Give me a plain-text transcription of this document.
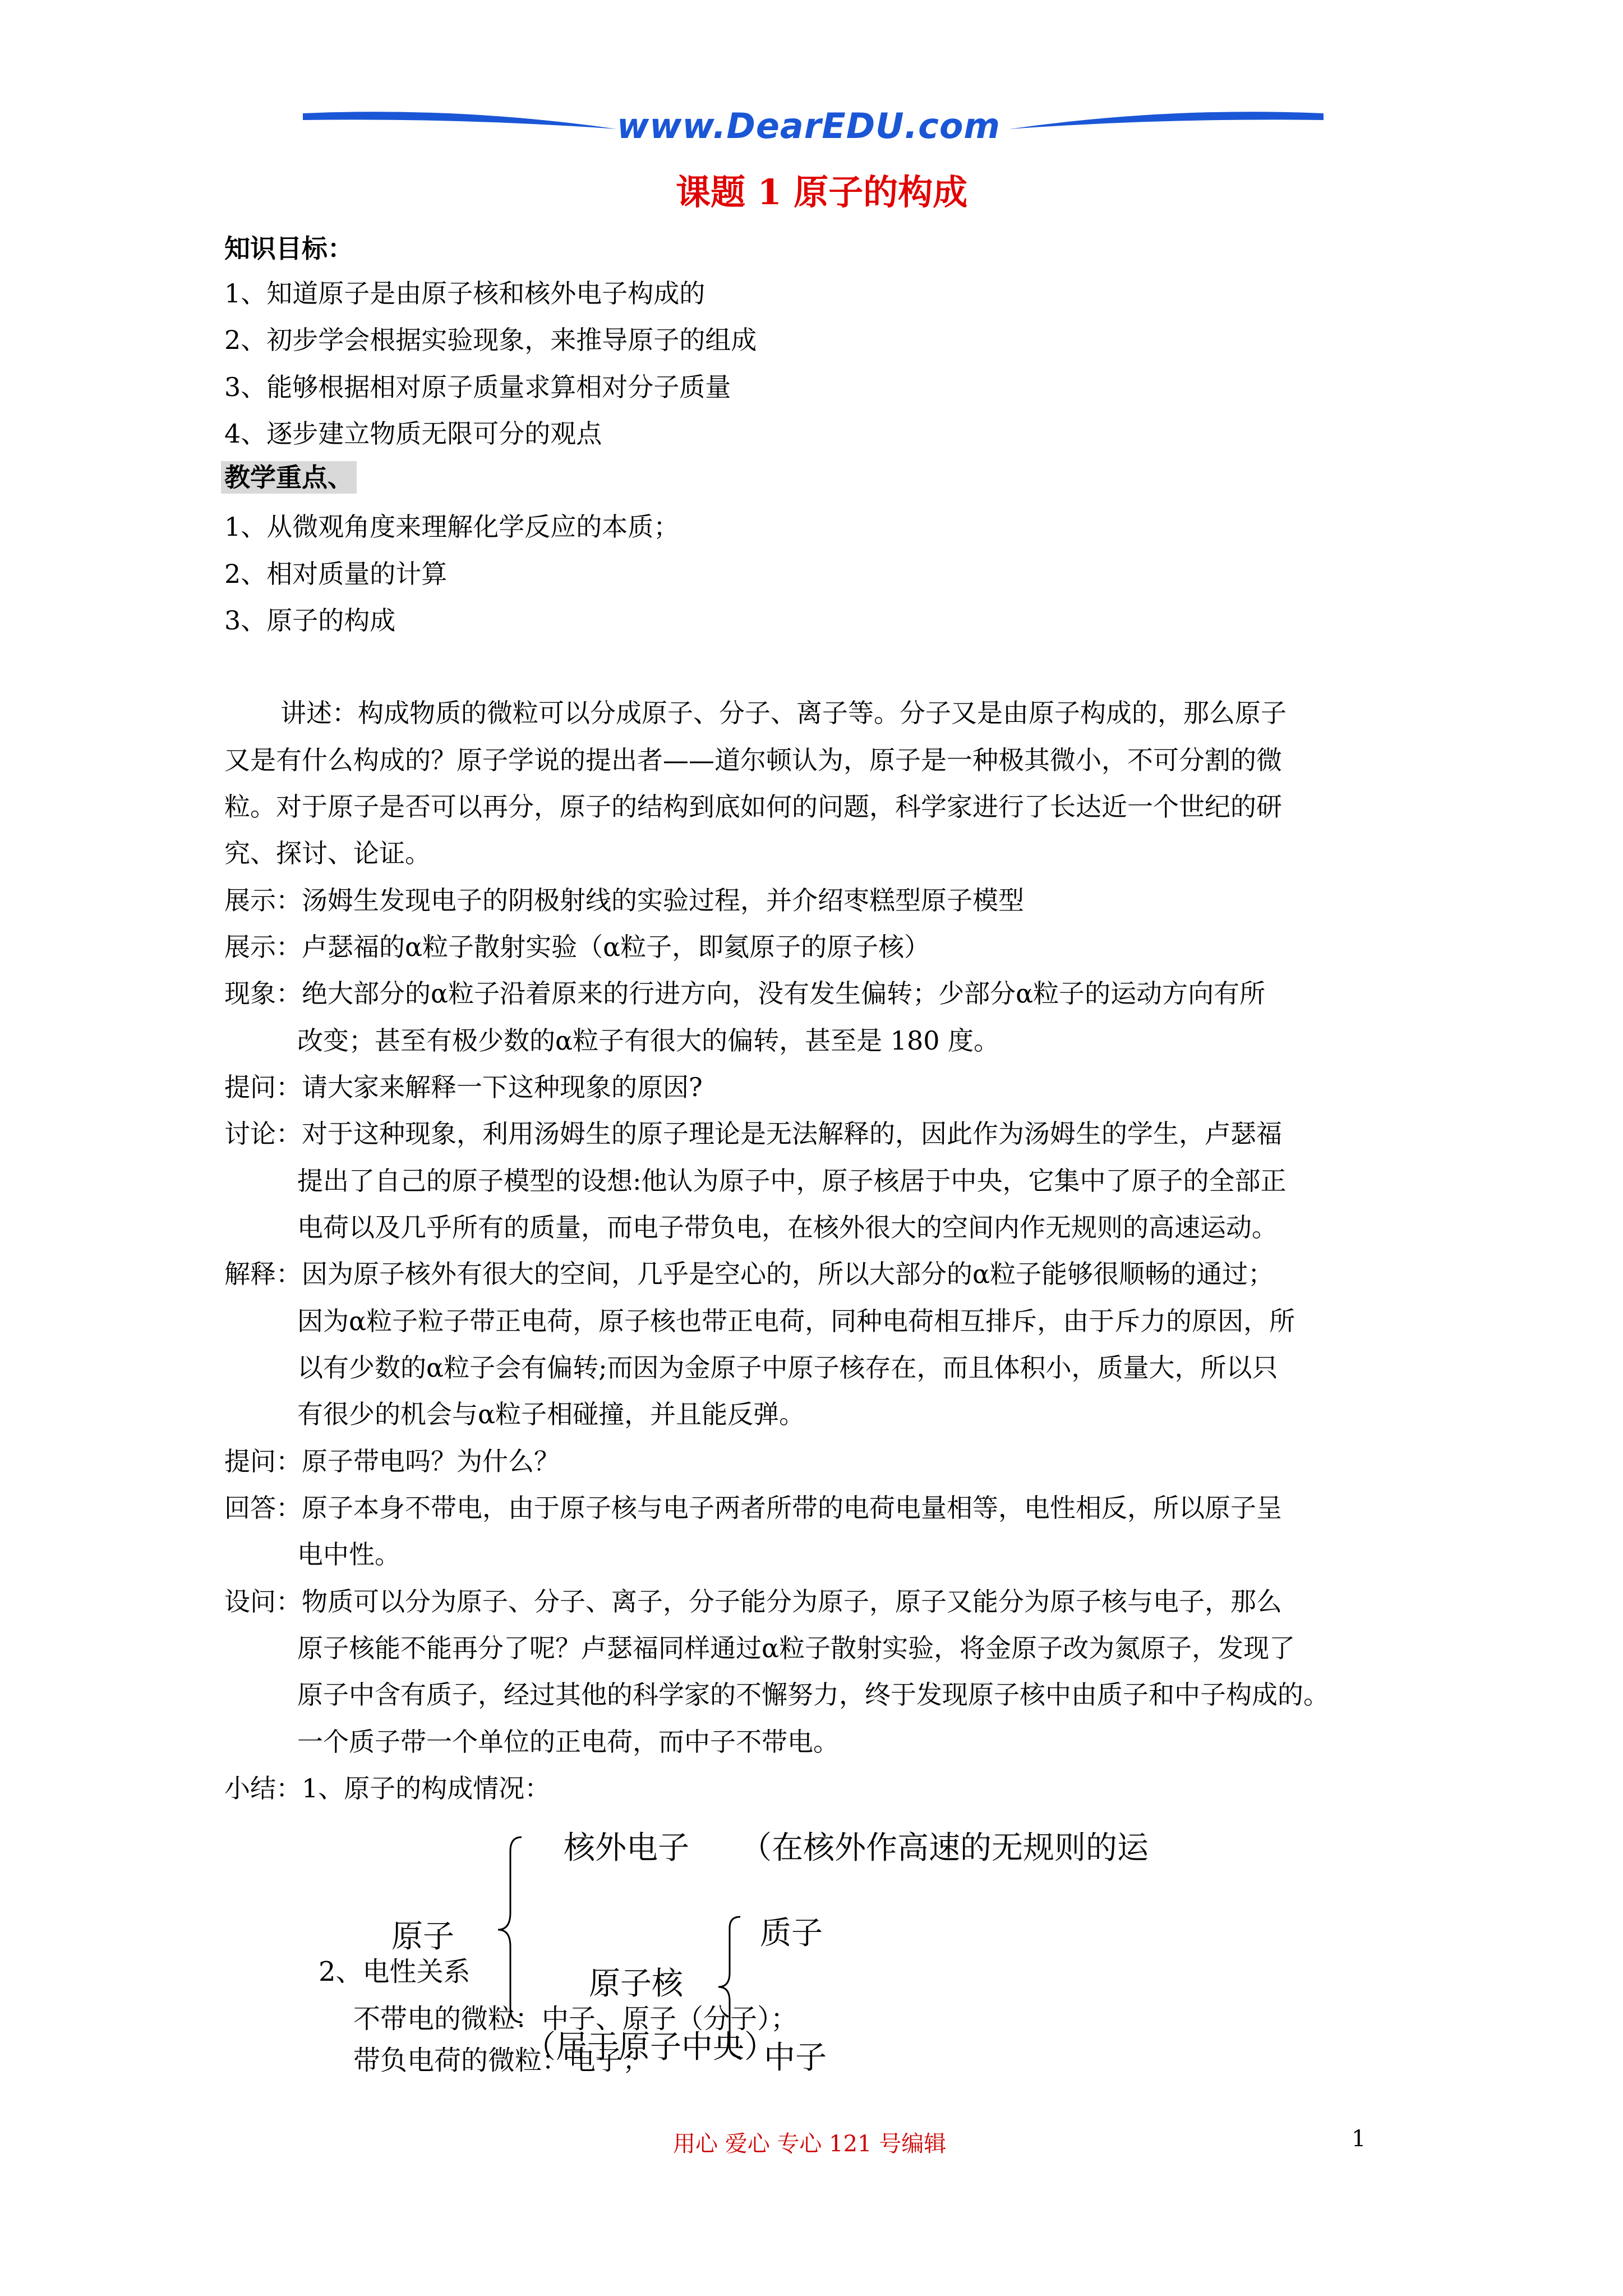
www.DearEDU.com
课题 1 原子的构成
知识目标：
1、知道原子是由原子核和核外电子构成的
2、初步学会根据实验现象，来推导原子的组成
3、能够根据相对原子质量求算相对分子质量
4、逐步建立物质无限可分的观点
教学重点、
1、从微观角度来理解化学反应的本质；
2、相对质量的计算
3、原子的构成
讲述：构成物质的微粒可以分成原子、分子、离子等。分子又是由原子构成的，那么原子
又是有什么构成的？原子学说的提出者——道尔顿认为，原子是一种极其微小，不可分割的微
粒。对于原子是否可以再分，原子的结构到底如何的问题，科学家进行了长达近一个世纪的研
究、探讨、论证。
展示：汤姆生发现电子的阴极射线的实验过程，并介绍枣糕型原子模型
展示：卢瑟福的α粒子散射实验（α粒子，即氦原子的原子核）
现象：绝大部分的α粒子沿着原来的行进方向，没有发生偏转；少部分α粒子的运动方向有所
改变；甚至有极少数的α粒子有很大的偏转，甚至是 180 度。
提问：请大家来解释一下这种现象的原因?
讨论：对于这种现象，利用汤姆生的原子理论是无法解释的，因此作为汤姆生的学生，卢瑟福
提出了自己的原子模型的设想:他认为原子中，原子核居于中央，它集中了原子的全部正
电荷以及几乎所有的质量，而电子带负电，在核外很大的空间内作无规则的高速运动。
解释：因为原子核外有很大的空间，几乎是空心的，所以大部分的α粒子能够很顺畅的通过；
因为α粒子粒子带正电荷，原子核也带正电荷，同种电荷相互排斥，由于斥力的原因，所
以有少数的α粒子会有偏转;而因为金原子中原子核存在，而且体积小，质量大，所以只
有很少的机会与α粒子相碰撞，并且能反弹。
提问：原子带电吗？为什么？
回答：原子本身不带电，由于原子核与电子两者所带的电荷电量相等，电性相反，所以原子呈
电中性。
设问：物质可以分为原子、分子、离子，分子能分为原子，原子又能分为原子核与电子，那么
原子核能不能再分了呢？卢瑟福同样通过α粒子散射实验，将金原子改为氮原子，发现了
原子中含有质子，经过其他的科学家的不懈努力，终于发现原子核中由质子和中子构成的。
一个质子带一个单位的正电荷，而中子不带电。
小结：1、原子的构成情况：
核外电子 （在核外作高速的无规则的运
原子	质子
原子核
（居于原子中央）
中子
2、电性关系
不带电的微粒：中子、原子（分子）；
带负电荷的微粒：电子；
用心 爱心 专心 121 号编辑	1
